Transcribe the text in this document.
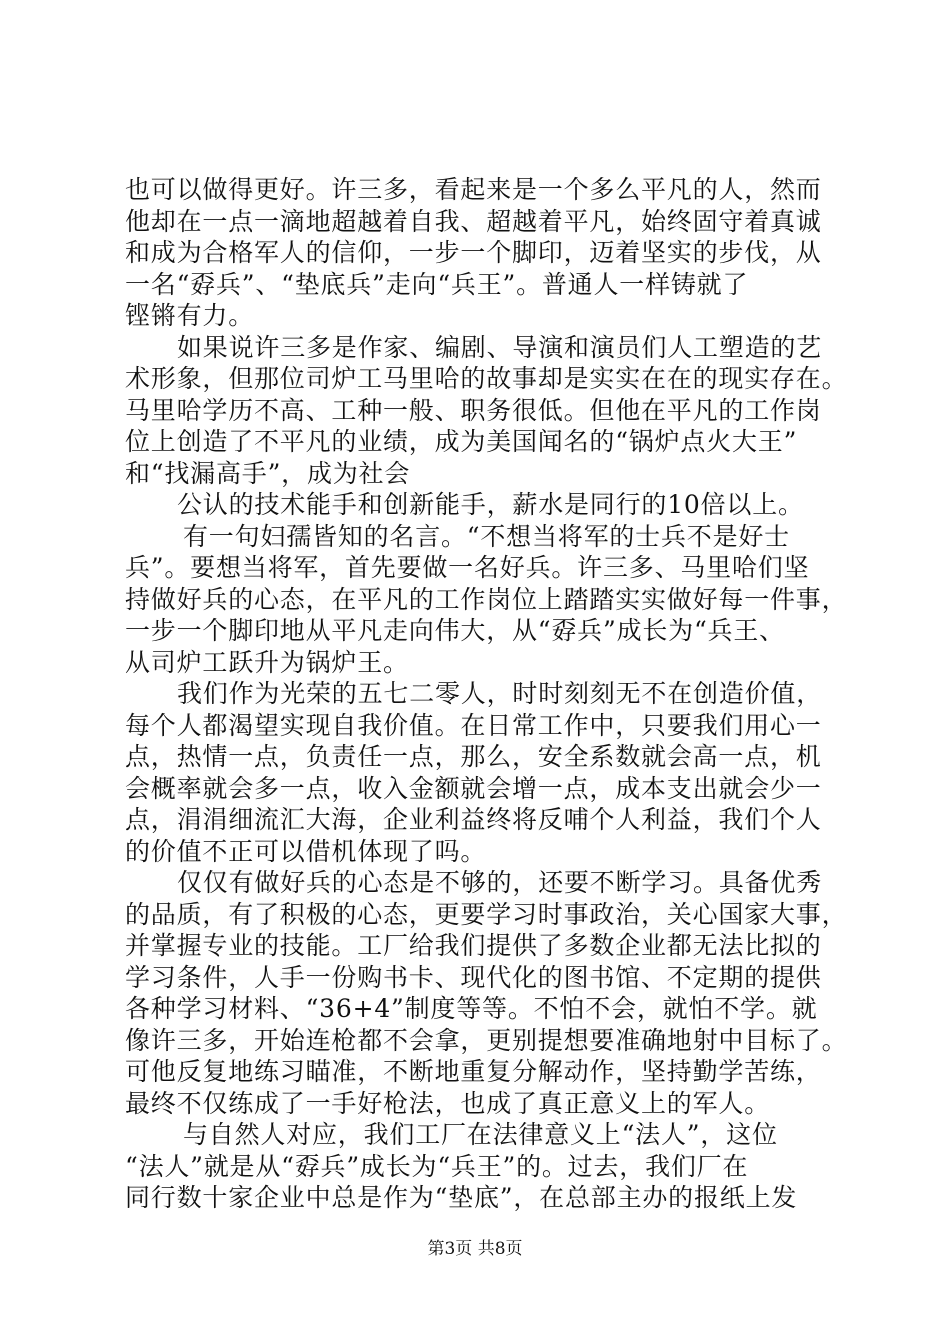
也可以做得更好。许三多，看起来是一个多么平凡的人，然而
他却在一点一滴地超越着自我、超越着平凡，始终固守着真诚
和成为合格军人的信仰，一步一个脚印，迈着坚实的步伐，从
一名“孬兵”、“垫底兵”走向“兵王”。普通人一样铸就了
铿锵有力。
如果说许三多是作家、编剧、导演和演员们人工塑造的艺
术形象，但那位司炉工马里哈的故事却是实实在在的现实存在。
马里哈学历不高、工种一般、职务很低。但他在平凡的工作岗
位上创造了不平凡的业绩，成为美国闻名的“锅炉点火大王”
和“找漏高手”，成为社会
公认的技术能手和创新能手，薪水是同行的10倍以上。
有一句妇孺皆知的名言。“不想当将军的士兵不是好士
兵”。要想当将军，首先要做一名好兵。许三多、马里哈们坚
持做好兵的心态，在平凡的工作岗位上踏踏实实做好每一件事，
一步一个脚印地从平凡走向伟大，从“孬兵”成长为“兵王、
从司炉工跃升为锅炉王。
我们作为光荣的五七二零人，时时刻刻无不在创造价值，
每个人都渴望实现自我价值。在日常工作中，只要我们用心一
点，热情一点，负责任一点，那么，安全系数就会高一点，机
会概率就会多一点，收入金额就会增一点，成本支出就会少一
点，涓涓细流汇大海，企业利益终将反哺个人利益，我们个人
的价值不正可以借机体现了吗。
仅仅有做好兵的心态是不够的，还要不断学习。具备优秀
的品质，有了积极的心态，更要学习时事政治，关心国家大事，
并掌握专业的技能。工厂给我们提供了多数企业都无法比拟的
学习条件，人手一份购书卡、现代化的图书馆、不定期的提供
各种学习材料、“36+4”制度等等。不怕不会，就怕不学。就
像许三多，开始连枪都不会拿，更别提想要准确地射中目标了。
可他反复地练习瞄准，不断地重复分解动作，坚持勤学苦练，
最终不仅练成了一手好枪法，也成了真正意义上的军人。
与自然人对应，我们工厂在法律意义上“法人”，这位
“法人”就是从“孬兵”成长为“兵王”的。过去，我们厂在
同行数十家企业中总是作为“垫底”，在总部主办的报纸上发
第3页 共8页
